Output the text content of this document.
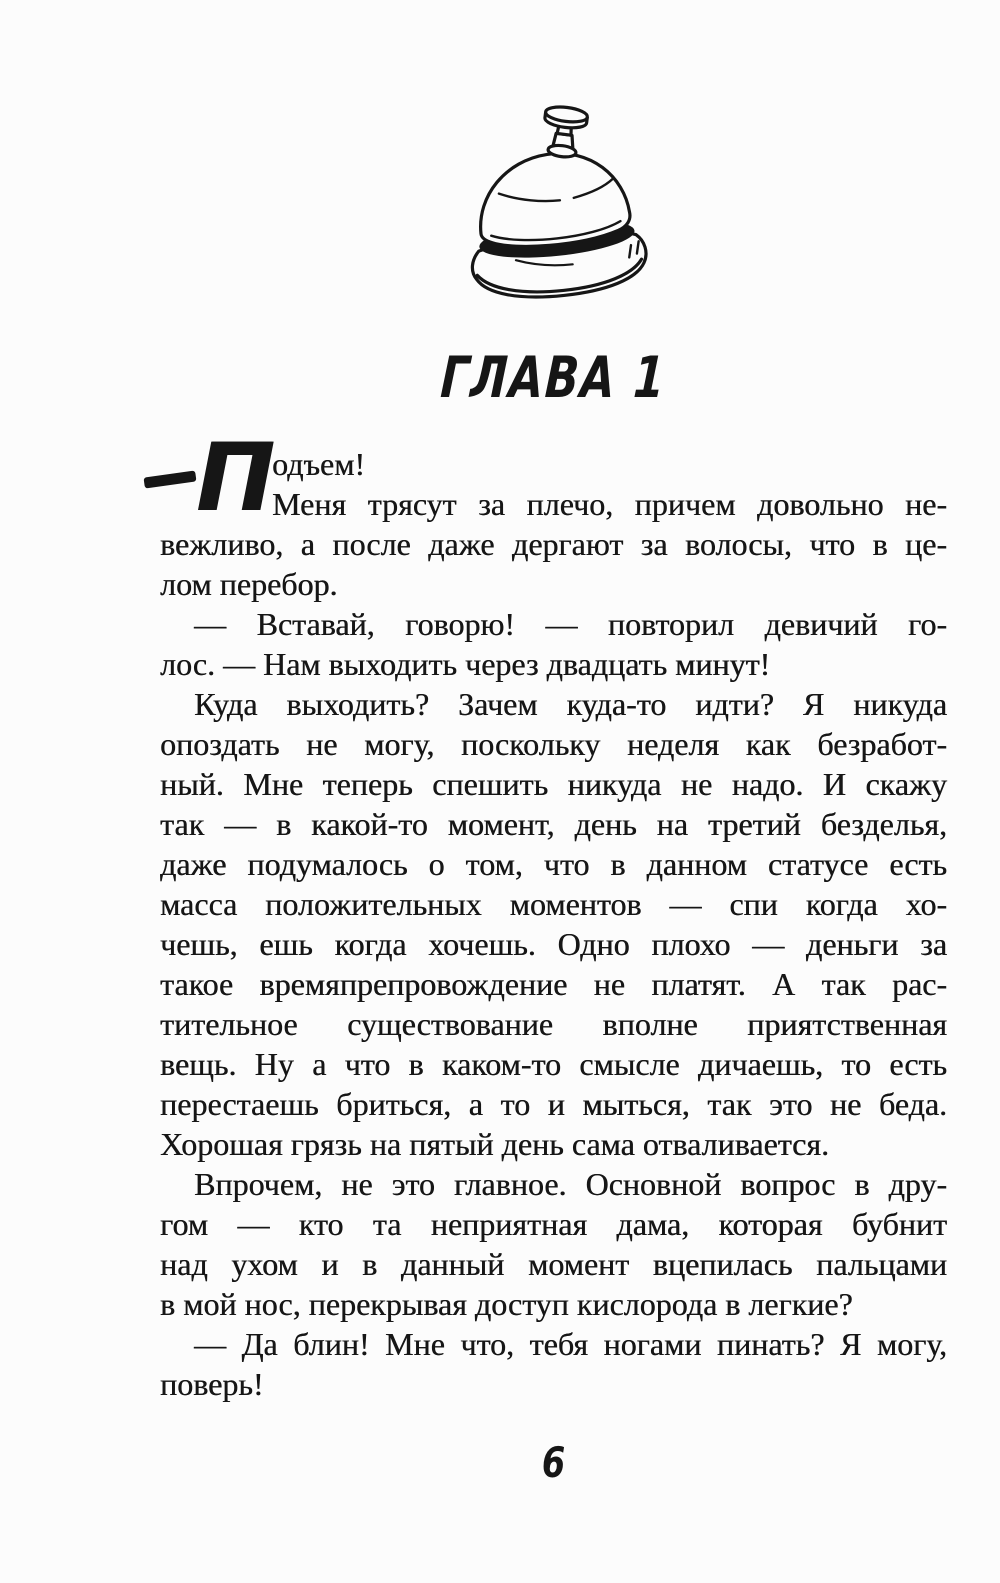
ГЛАВА 1
П
одъем!
Меня трясут за плечо, причем довольно не-
вежливо, а после даже дергают за волосы, что в це-
лом перебор.
— Вставай, говорю! — повторил девичий го-
лос. — Нам выходить через двадцать минут!
Куда выходить? Зачем куда-то идти? Я никуда
опоздать не могу, поскольку неделя как безработ-
ный. Мне теперь спешить никуда не надо. И скажу
так — в какой-то момент, день на третий безделья,
даже подумалось о том, что в данном статусе есть
масса положительных моментов — спи когда хо-
чешь, ешь когда хочешь. Одно плохо — деньги за
такое времяпрепровождение не платят. А так рас-
тительное существование вполне приятственная
вещь. Ну а что в каком-то смысле дичаешь, то есть
перестаешь бриться, а то и мыться, так это не беда.
Хорошая грязь на пятый день сама отваливается.
Впрочем, не это главное. Основной вопрос в дру-
гом — кто та неприятная дама, которая бубнит
над ухом и в данный момент вцепилась пальцами
в мой нос, перекрывая доступ кислорода в легкие?
— Да блин! Мне что, тебя ногами пинать? Я могу,
поверь!
6
